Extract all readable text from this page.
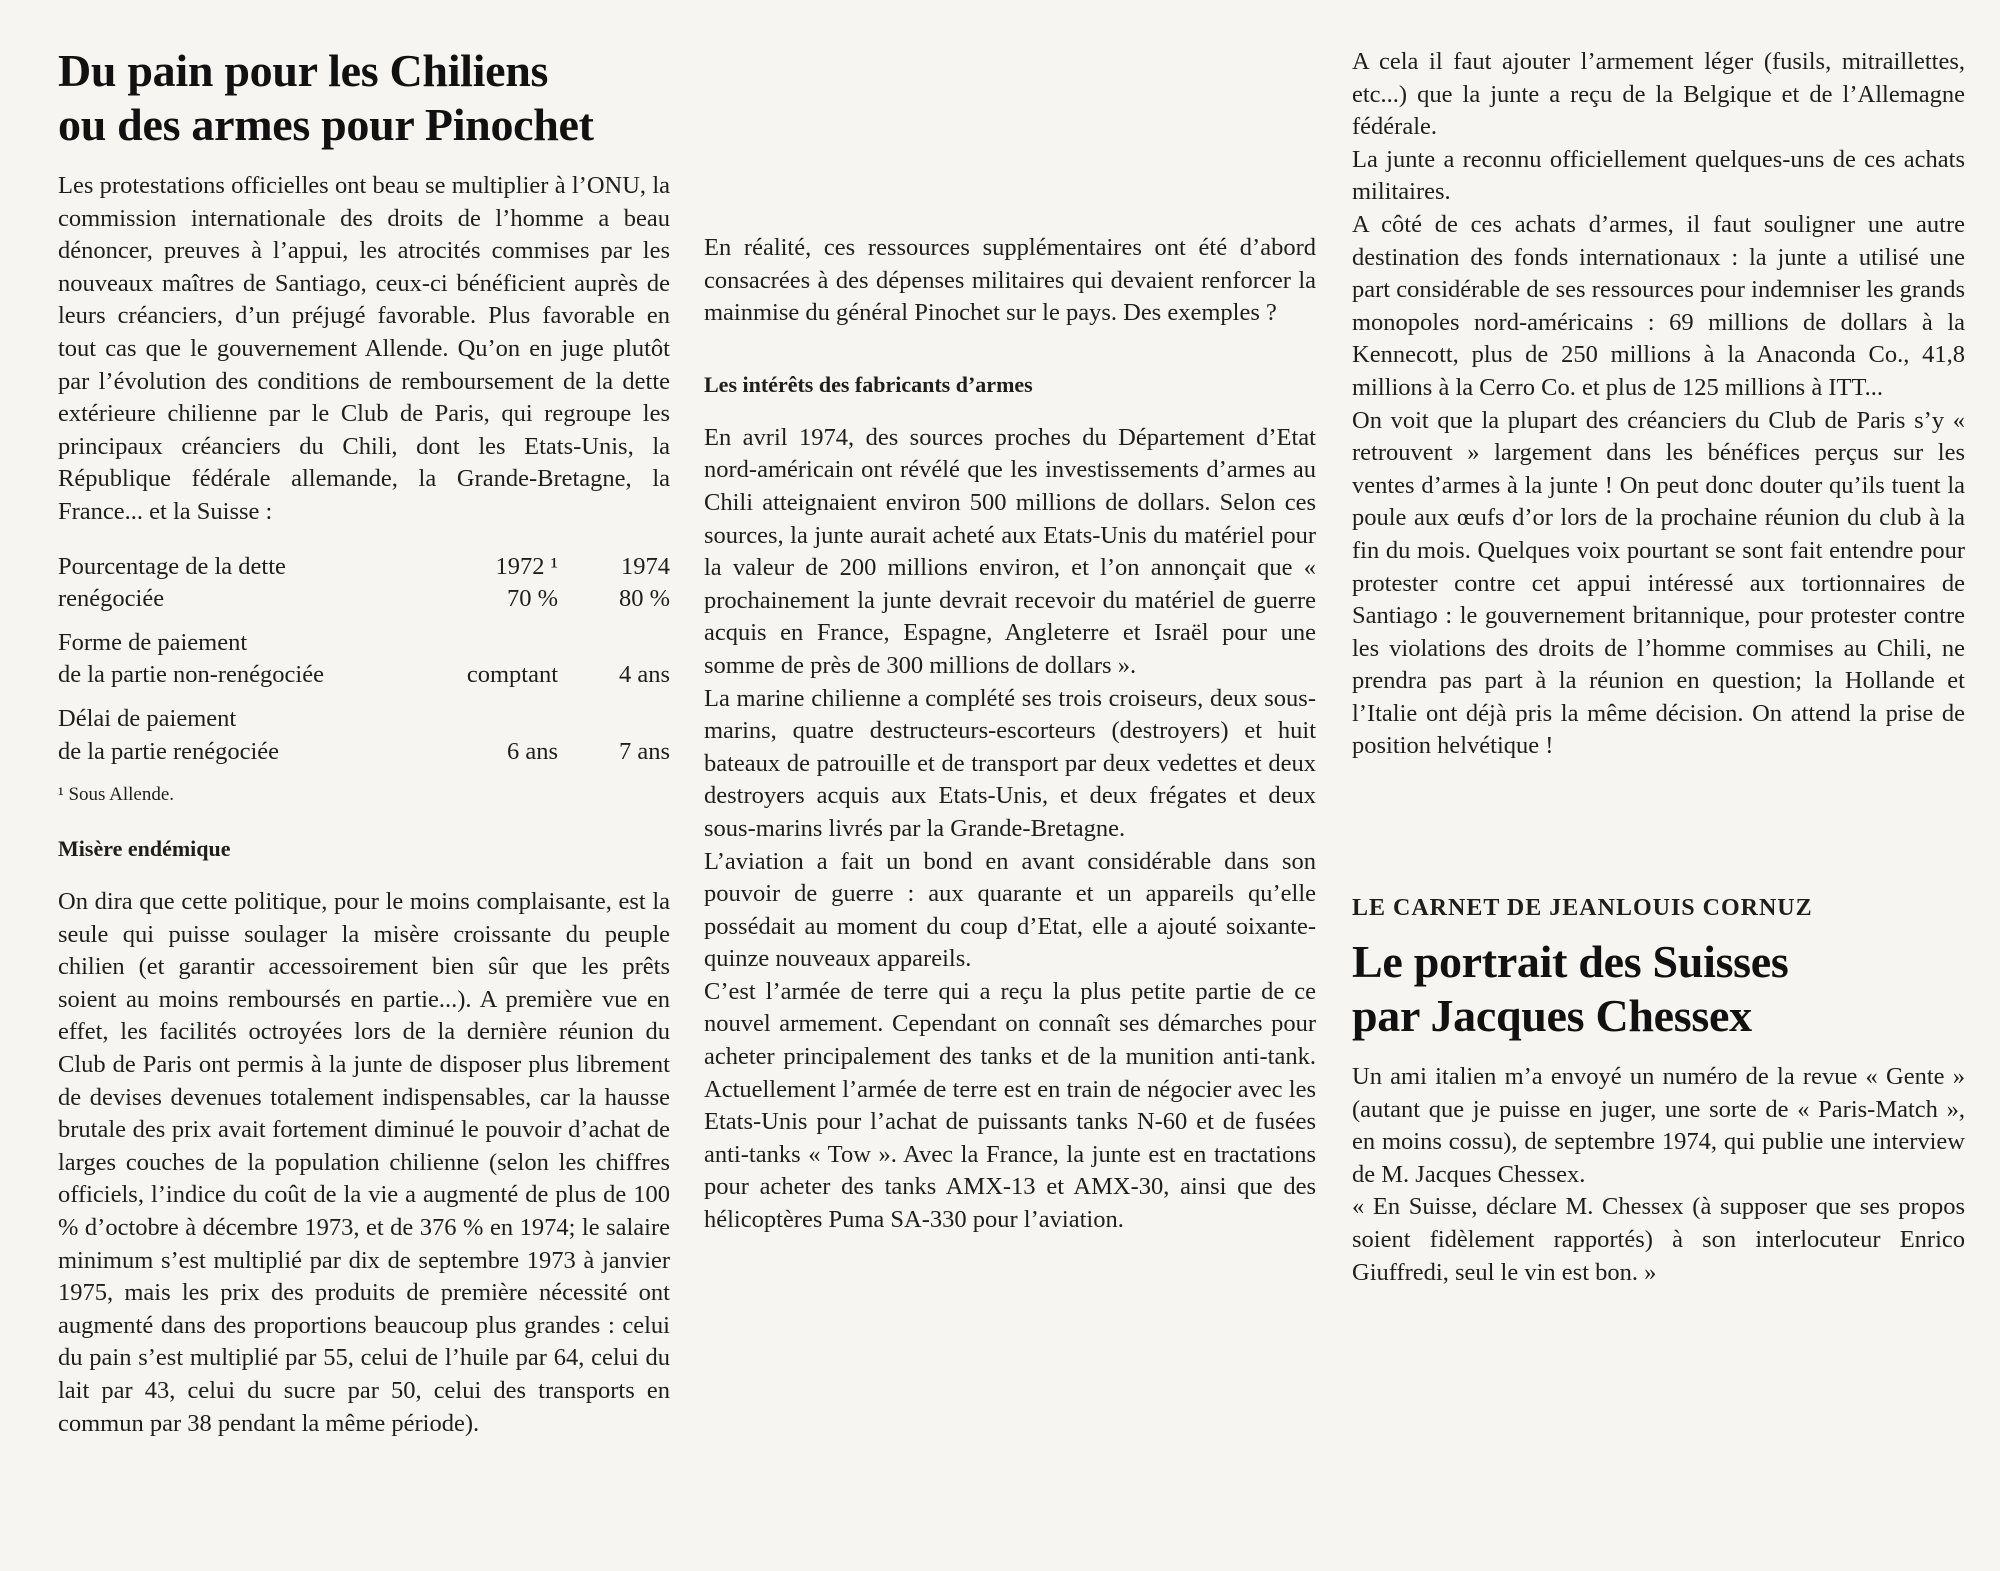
Du pain pour les Chiliens
ou des armes pour Pinochet

Les protestations officielles ont beau se multiplier à l’ONU, la commission internationale des droits de l’homme a beau dénoncer, preuves à l’appui, les atrocités commises par les nouveaux maîtres de Santiago, ceux-ci bénéficient auprès de leurs créanciers, d’un préjugé favorable. Plus favorable en tout cas que le gouvernement Allende. Qu’on en juge plutôt par l’évolution des conditions de remboursement de la dette extérieure chilienne par le Club de Paris, qui regroupe les principaux créanciers du Chili, dont les Etats-Unis, la République fédérale allemande, la Grande-Bretagne, la France... et la Suisse :

Pourcentage de la dette	1972 ¹	1974
renégociée	70 %	80 %

Forme de paiement		
de la partie non-renégociée	comptant	4 ans

Délai de paiement		
de la partie renégociée	6 ans	7 ans

¹ Sous Allende.

Misère endémique

On dira que cette politique, pour le moins complaisante, est la seule qui puisse soulager la misère croissante du peuple chilien (et garantir accessoirement bien sûr que les prêts soient au moins remboursés en partie...). A première vue en effet, les facilités octroyées lors de la dernière réunion du Club de Paris ont permis à la junte de disposer plus librement de devises devenues totalement indispensables, car la hausse brutale des prix avait fortement diminué le pouvoir d’achat de larges couches de la population chilienne (selon les chiffres officiels, l’indice du coût de la vie a augmenté de plus de 100 % d’octobre à décembre 1973, et de 376 % en 1974; le salaire minimum s’est multiplié par dix de septembre 1973 à janvier 1975, mais les prix des produits de première nécessité ont augmenté dans des proportions beaucoup plus grandes : celui du pain s’est multiplié par 55, celui de l’huile par 64, celui du lait par 43, celui du sucre par 50, celui des transports en commun par 38 pendant la même période).

En réalité, ces ressources supplémentaires ont été d’abord consacrées à des dépenses militaires qui devaient renforcer la mainmise du général Pinochet sur le pays. Des exemples ?

Les intérêts des fabricants d’armes

En avril 1974, des sources proches du Département d’Etat nord-américain ont révélé que les investissements d’armes au Chili atteignaient environ 500 millions de dollars. Selon ces sources, la junte aurait acheté aux Etats-Unis du matériel pour la valeur de 200 millions environ, et l’on annonçait que « prochainement la junte devrait recevoir du matériel de guerre acquis en France, Espagne, Angleterre et Israël pour une somme de près de 300 millions de dollars ».

La marine chilienne a complété ses trois croiseurs, deux sous-marins, quatre destructeurs-escorteurs (destroyers) et huit bateaux de patrouille et de transport par deux vedettes et deux destroyers acquis aux Etats-Unis, et deux frégates et deux sous-marins livrés par la Grande-Bretagne.

L’aviation a fait un bond en avant considérable dans son pouvoir de guerre : aux quarante et un appareils qu’elle possédait au moment du coup d’Etat, elle a ajouté soixante-quinze nouveaux appareils.

C’est l’armée de terre qui a reçu la plus petite partie de ce nouvel armement. Cependant on connaît ses démarches pour acheter principalement des tanks et de la munition anti-tank. Actuellement l’armée de terre est en train de négocier avec les Etats-Unis pour l’achat de puissants tanks N-60 et de fusées anti-tanks « Tow ». Avec la France, la junte est en tractations pour acheter des tanks AMX-13 et AMX-30, ainsi que des hélicoptères Puma SA-330 pour l’aviation.

A cela il faut ajouter l’armement léger (fusils, mitraillettes, etc...) que la junte a reçu de la Belgique et de l’Allemagne fédérale.

La junte a reconnu officiellement quelques-uns de ces achats militaires.

A côté de ces achats d’armes, il faut souligner une autre destination des fonds internationaux : la junte a utilisé une part considérable de ses ressources pour indemniser les grands monopoles nord-américains : 69 millions de dollars à la Kennecott, plus de 250 millions à la Anaconda Co., 41,8 millions à la Cerro Co. et plus de 125 millions à ITT...

On voit que la plupart des créanciers du Club de Paris s’y « retrouvent » largement dans les bénéfices perçus sur les ventes d’armes à la junte ! On peut donc douter qu’ils tuent la poule aux œufs d’or lors de la prochaine réunion du club à la fin du mois. Quelques voix pourtant se sont fait entendre pour protester contre cet appui intéressé aux tortionnaires de Santiago : le gouvernement britannique, pour protester contre les violations des droits de l’homme commises au Chili, ne prendra pas part à la réunion en question; la Hollande et l’Italie ont déjà pris la même décision. On attend la prise de position helvétique !

LE CARNET DE JEANLOUIS CORNUZ

Le portrait des Suisses
par Jacques Chessex

Un ami italien m’a envoyé un numéro de la revue « Gente » (autant que je puisse en juger, une sorte de « Paris-Match », en moins cossu), de septembre 1974, qui publie une interview de M. Jacques Chessex.

« En Suisse, déclare M. Chessex (à supposer que ses propos soient fidèlement rapportés) à son interlocuteur Enrico Giuffredi, seul le vin est bon. »
